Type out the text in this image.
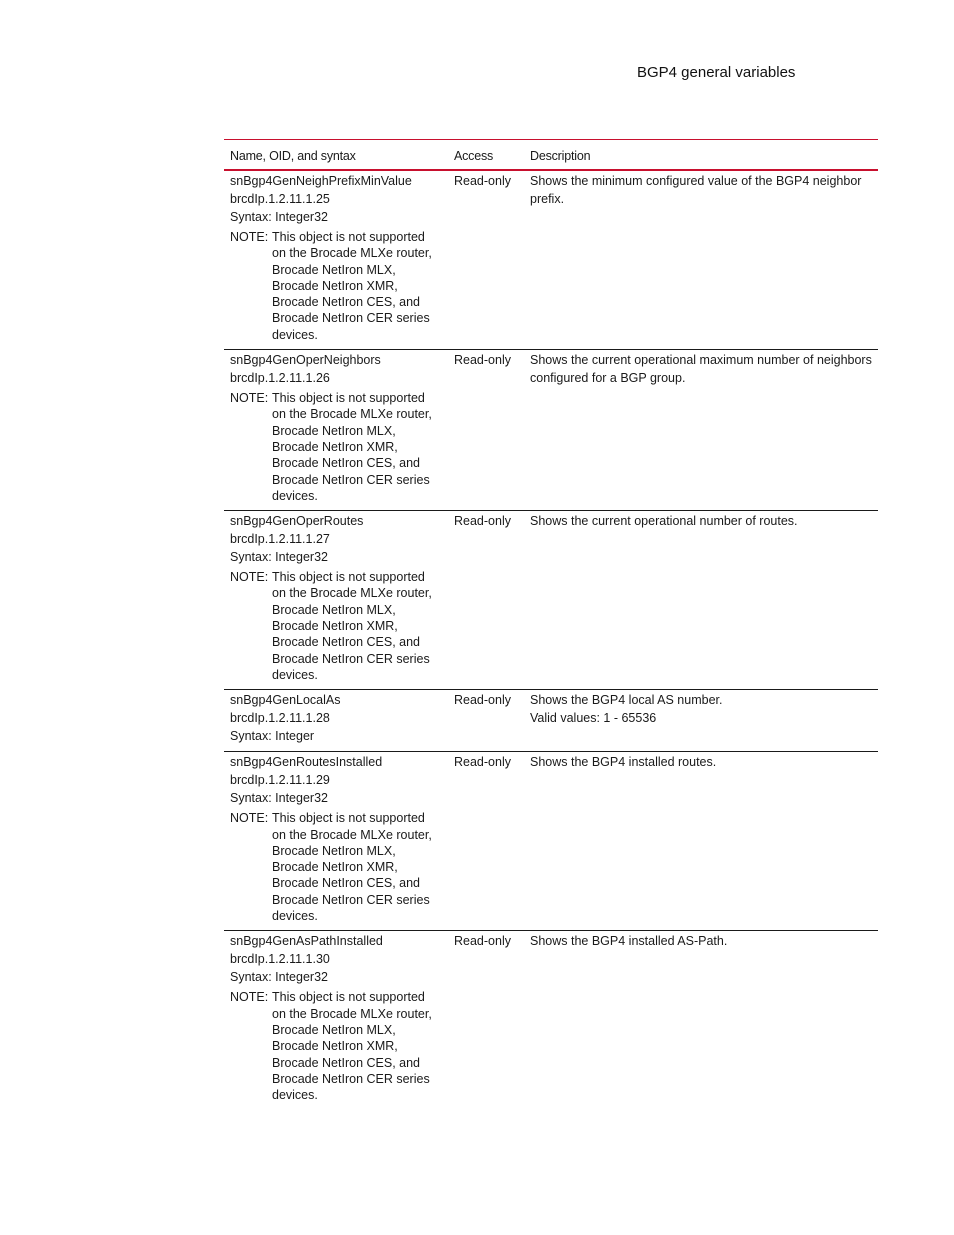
BGP4 general variables
Name, OID, and syntax	Access	Description

snBgp4GenNeighPrefixMinValue
brcdIp.1.2.11.1.25
Syntax: Integer32
NOTE: This object is not supported on the Brocade MLXe router, Brocade NetIron MLX, Brocade NetIron XMR, Brocade NetIron CES, and Brocade NetIron CER series devices.	Read-only	Shows the minimum configured value of the BGP4 neighbor prefix.

snBgp4GenOperNeighbors
brcdIp.1.2.11.1.26
NOTE: This object is not supported on the Brocade MLXe router, Brocade NetIron MLX, Brocade NetIron XMR, Brocade NetIron CES, and Brocade NetIron CER series devices.	Read-only	Shows the current operational maximum number of neighbors configured for a BGP group.

snBgp4GenOperRoutes
brcdIp.1.2.11.1.27
Syntax: Integer32
NOTE: This object is not supported on the Brocade MLXe router, Brocade NetIron MLX, Brocade NetIron XMR, Brocade NetIron CES, and Brocade NetIron CER series devices.	Read-only	Shows the current operational number of routes.

snBgp4GenLocalAs
brcdIp.1.2.11.1.28
Syntax: Integer	Read-only	Shows the BGP4 local AS number.
Valid values: 1 - 65536

snBgp4GenRoutesInstalled
brcdIp.1.2.11.1.29
Syntax: Integer32
NOTE: This object is not supported on the Brocade MLXe router, Brocade NetIron MLX, Brocade NetIron XMR, Brocade NetIron CES, and Brocade NetIron CER series devices.	Read-only	Shows the BGP4 installed routes.

snBgp4GenAsPathInstalled
brcdIp.1.2.11.1.30
Syntax: Integer32
NOTE: This object is not supported on the Brocade MLXe router, Brocade NetIron MLX, Brocade NetIron XMR, Brocade NetIron CES, and Brocade NetIron CER series devices.	Read-only	Shows the BGP4 installed AS-Path.
